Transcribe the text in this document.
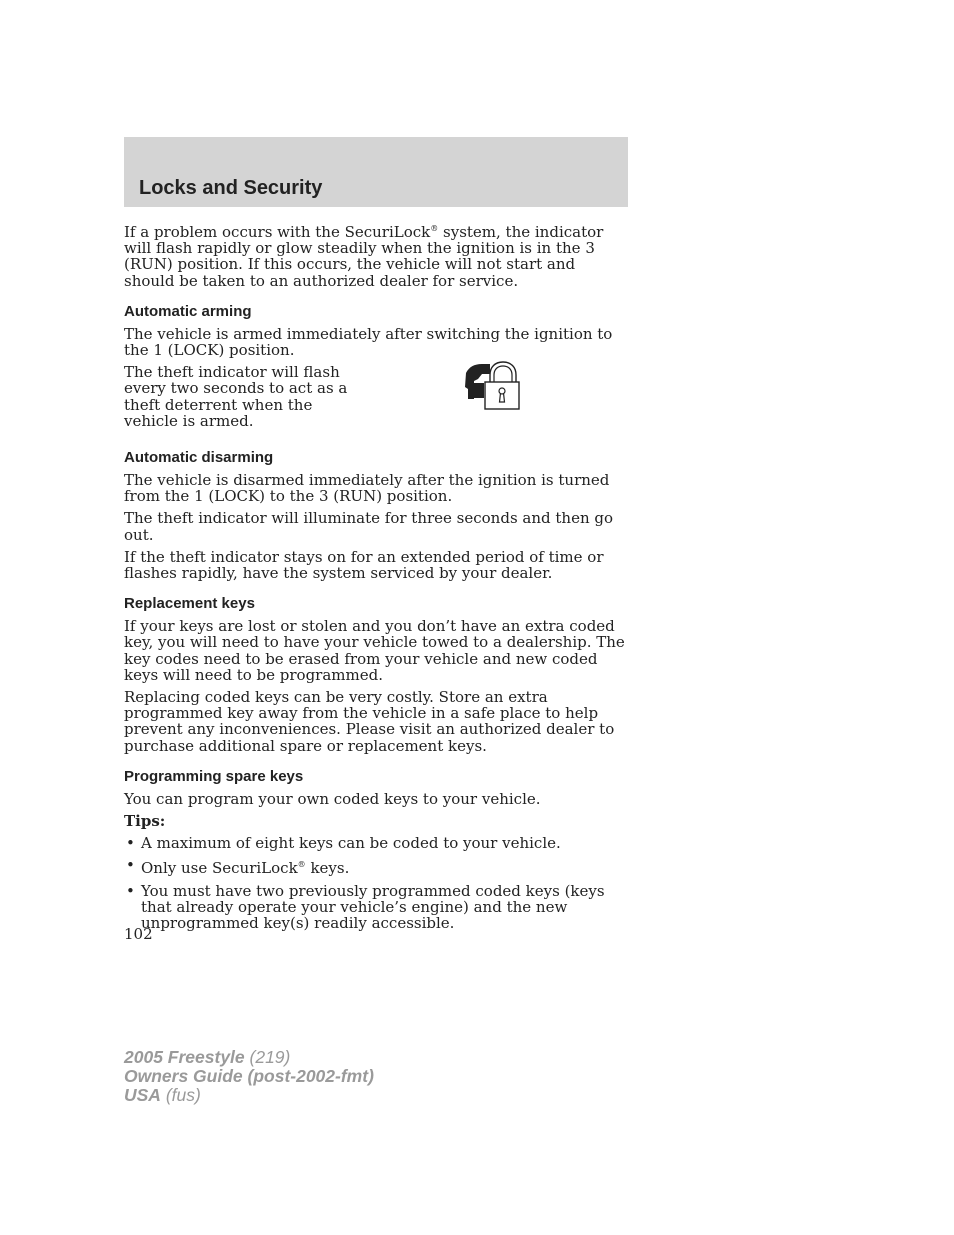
Locks and Security

If a problem occurs with the SecuriLock® system, the indicator will flash rapidly or glow steadily when the ignition is in the 3 (RUN) position. If this occurs, the vehicle will not start and should be taken to an authorized dealer for service.

Automatic arming

The vehicle is armed immediately after switching the ignition to the 1 (LOCK) position.

The theft indicator will flash every two seconds to act as a theft deterrent when the vehicle is armed.

Automatic disarming

The vehicle is disarmed immediately after the ignition is turned from the 1 (LOCK) to the 3 (RUN) position.

The theft indicator will illuminate for three seconds and then go out.

If the theft indicator stays on for an extended period of time or flashes rapidly, have the system serviced by your dealer.

Replacement keys

If your keys are lost or stolen and you don’t have an extra coded key, you will need to have your vehicle towed to a dealership. The key codes need to be erased from your vehicle and new coded keys will need to be programmed.

Replacing coded keys can be very costly. Store an extra programmed key away from the vehicle in a safe place to help prevent any inconveniences. Please visit an authorized dealer to purchase additional spare or replacement keys.

Programming spare keys

You can program your own coded keys to your vehicle.

Tips:

• A maximum of eight keys can be coded to your vehicle.
• Only use SecuriLock® keys.
• You must have two previously programmed coded keys (keys that already operate your vehicle’s engine) and the new unprogrammed key(s) readily accessible.
102
2005 Freestyle (219)
Owners Guide (post-2002-fmt)
USA (fus)
